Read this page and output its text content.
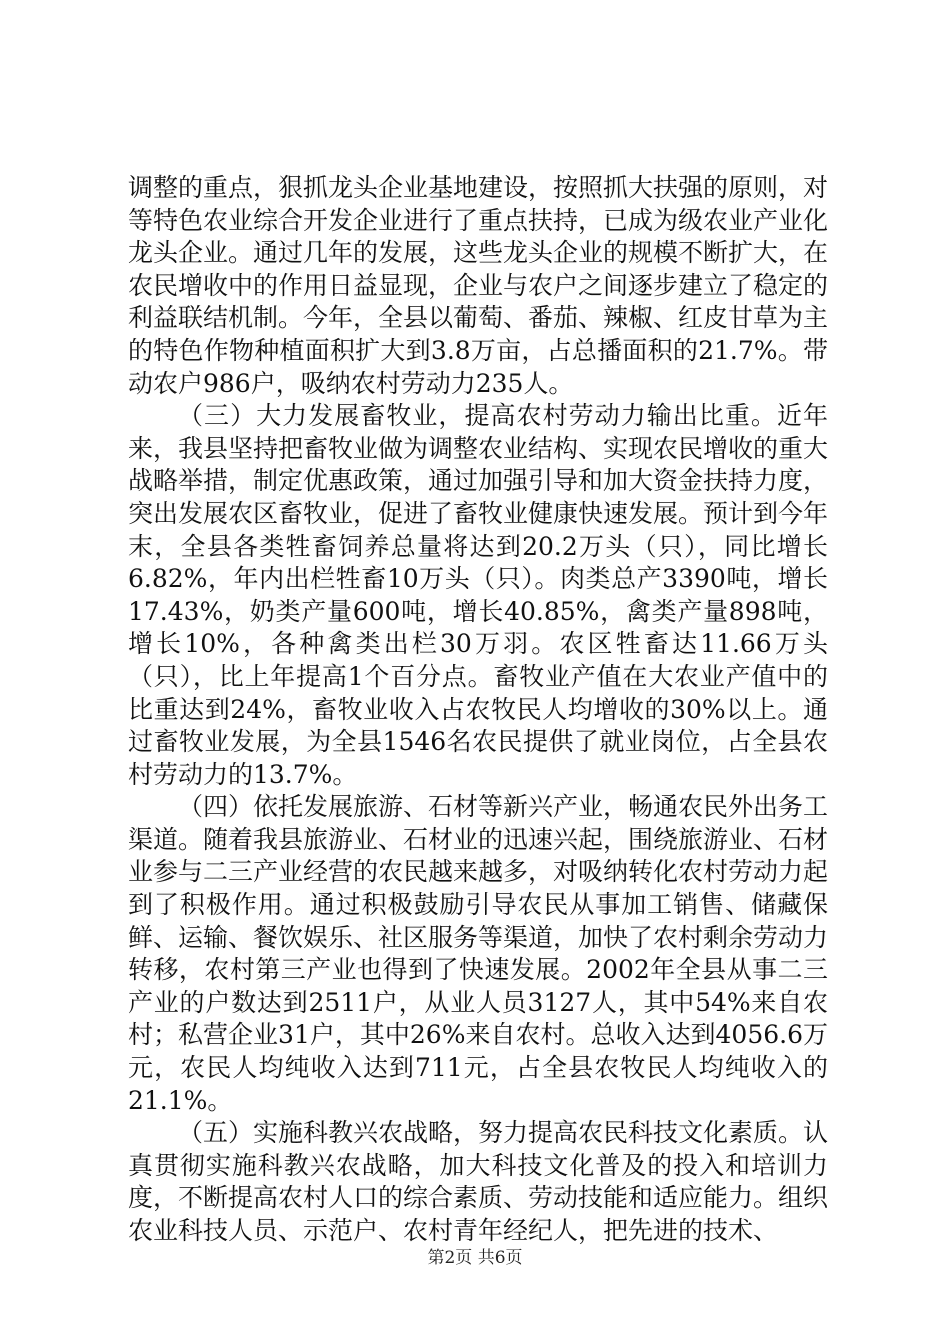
调整的重点，狠抓龙头企业基地建设，按照抓大扶强的原则，对等特色农业综合开发企业进行了重点扶持，已成为级农业产业化龙头企业。通过几年的发展，这些龙头企业的规模不断扩大，在农民增收中的作用日益显现，企业与农户之间逐步建立了稳定的利益联结机制。今年，全县以葡萄、番茄、辣椒、红皮甘草为主的特色作物种植面积扩大到3.8万亩，占总播面积的21.7%。带动农户986户，吸纳农村劳动力235人。

（三）大力发展畜牧业，提高农村劳动力输出比重。近年来，我县坚持把畜牧业做为调整农业结构、实现农民增收的重大战略举措，制定优惠政策，通过加强引导和加大资金扶持力度，突出发展农区畜牧业，促进了畜牧业健康快速发展。预计到今年末，全县各类牲畜饲养总量将达到20.2万头（只），同比增长6.82%，年内出栏牲畜10万头（只）。肉类总产3390吨，增长17.43%，奶类产量600吨，增长40.85%，禽类产量898吨，增长10%，各种禽类出栏30万羽。农区牲畜达11.66万头（只），比上年提高1个百分点。畜牧业产值在大农业产值中的比重达到24%，畜牧业收入占农牧民人均增收的30%以上。通过畜牧业发展，为全县1546名农民提供了就业岗位，占全县农村劳动力的13.7%。

（四）依托发展旅游、石材等新兴产业，畅通农民外出务工渠道。随着我县旅游业、石材业的迅速兴起，围绕旅游业、石材业参与二三产业经营的农民越来越多，对吸纳转化农村劳动力起到了积极作用。通过积极鼓励引导农民从事加工销售、储藏保鲜、运输、餐饮娱乐、社区服务等渠道，加快了农村剩余劳动力转移，农村第三产业也得到了快速发展。2002年全县从事二三产业的户数达到2511户，从业人员3127人，其中54%来自农村；私营企业31户，其中26%来自农村。总收入达到4056.6万元，农民人均纯收入达到711元，占全县农牧民人均纯收入的21.1%。

（五）实施科教兴农战略，努力提高农民科技文化素质。认真贯彻实施科教兴农战略，加大科技文化普及的投入和培训力度，不断提高农村人口的综合素质、劳动技能和适应能力。组织农业科技人员、示范户、农村青年经纪人，把先进的技术、

第2页 共6页
